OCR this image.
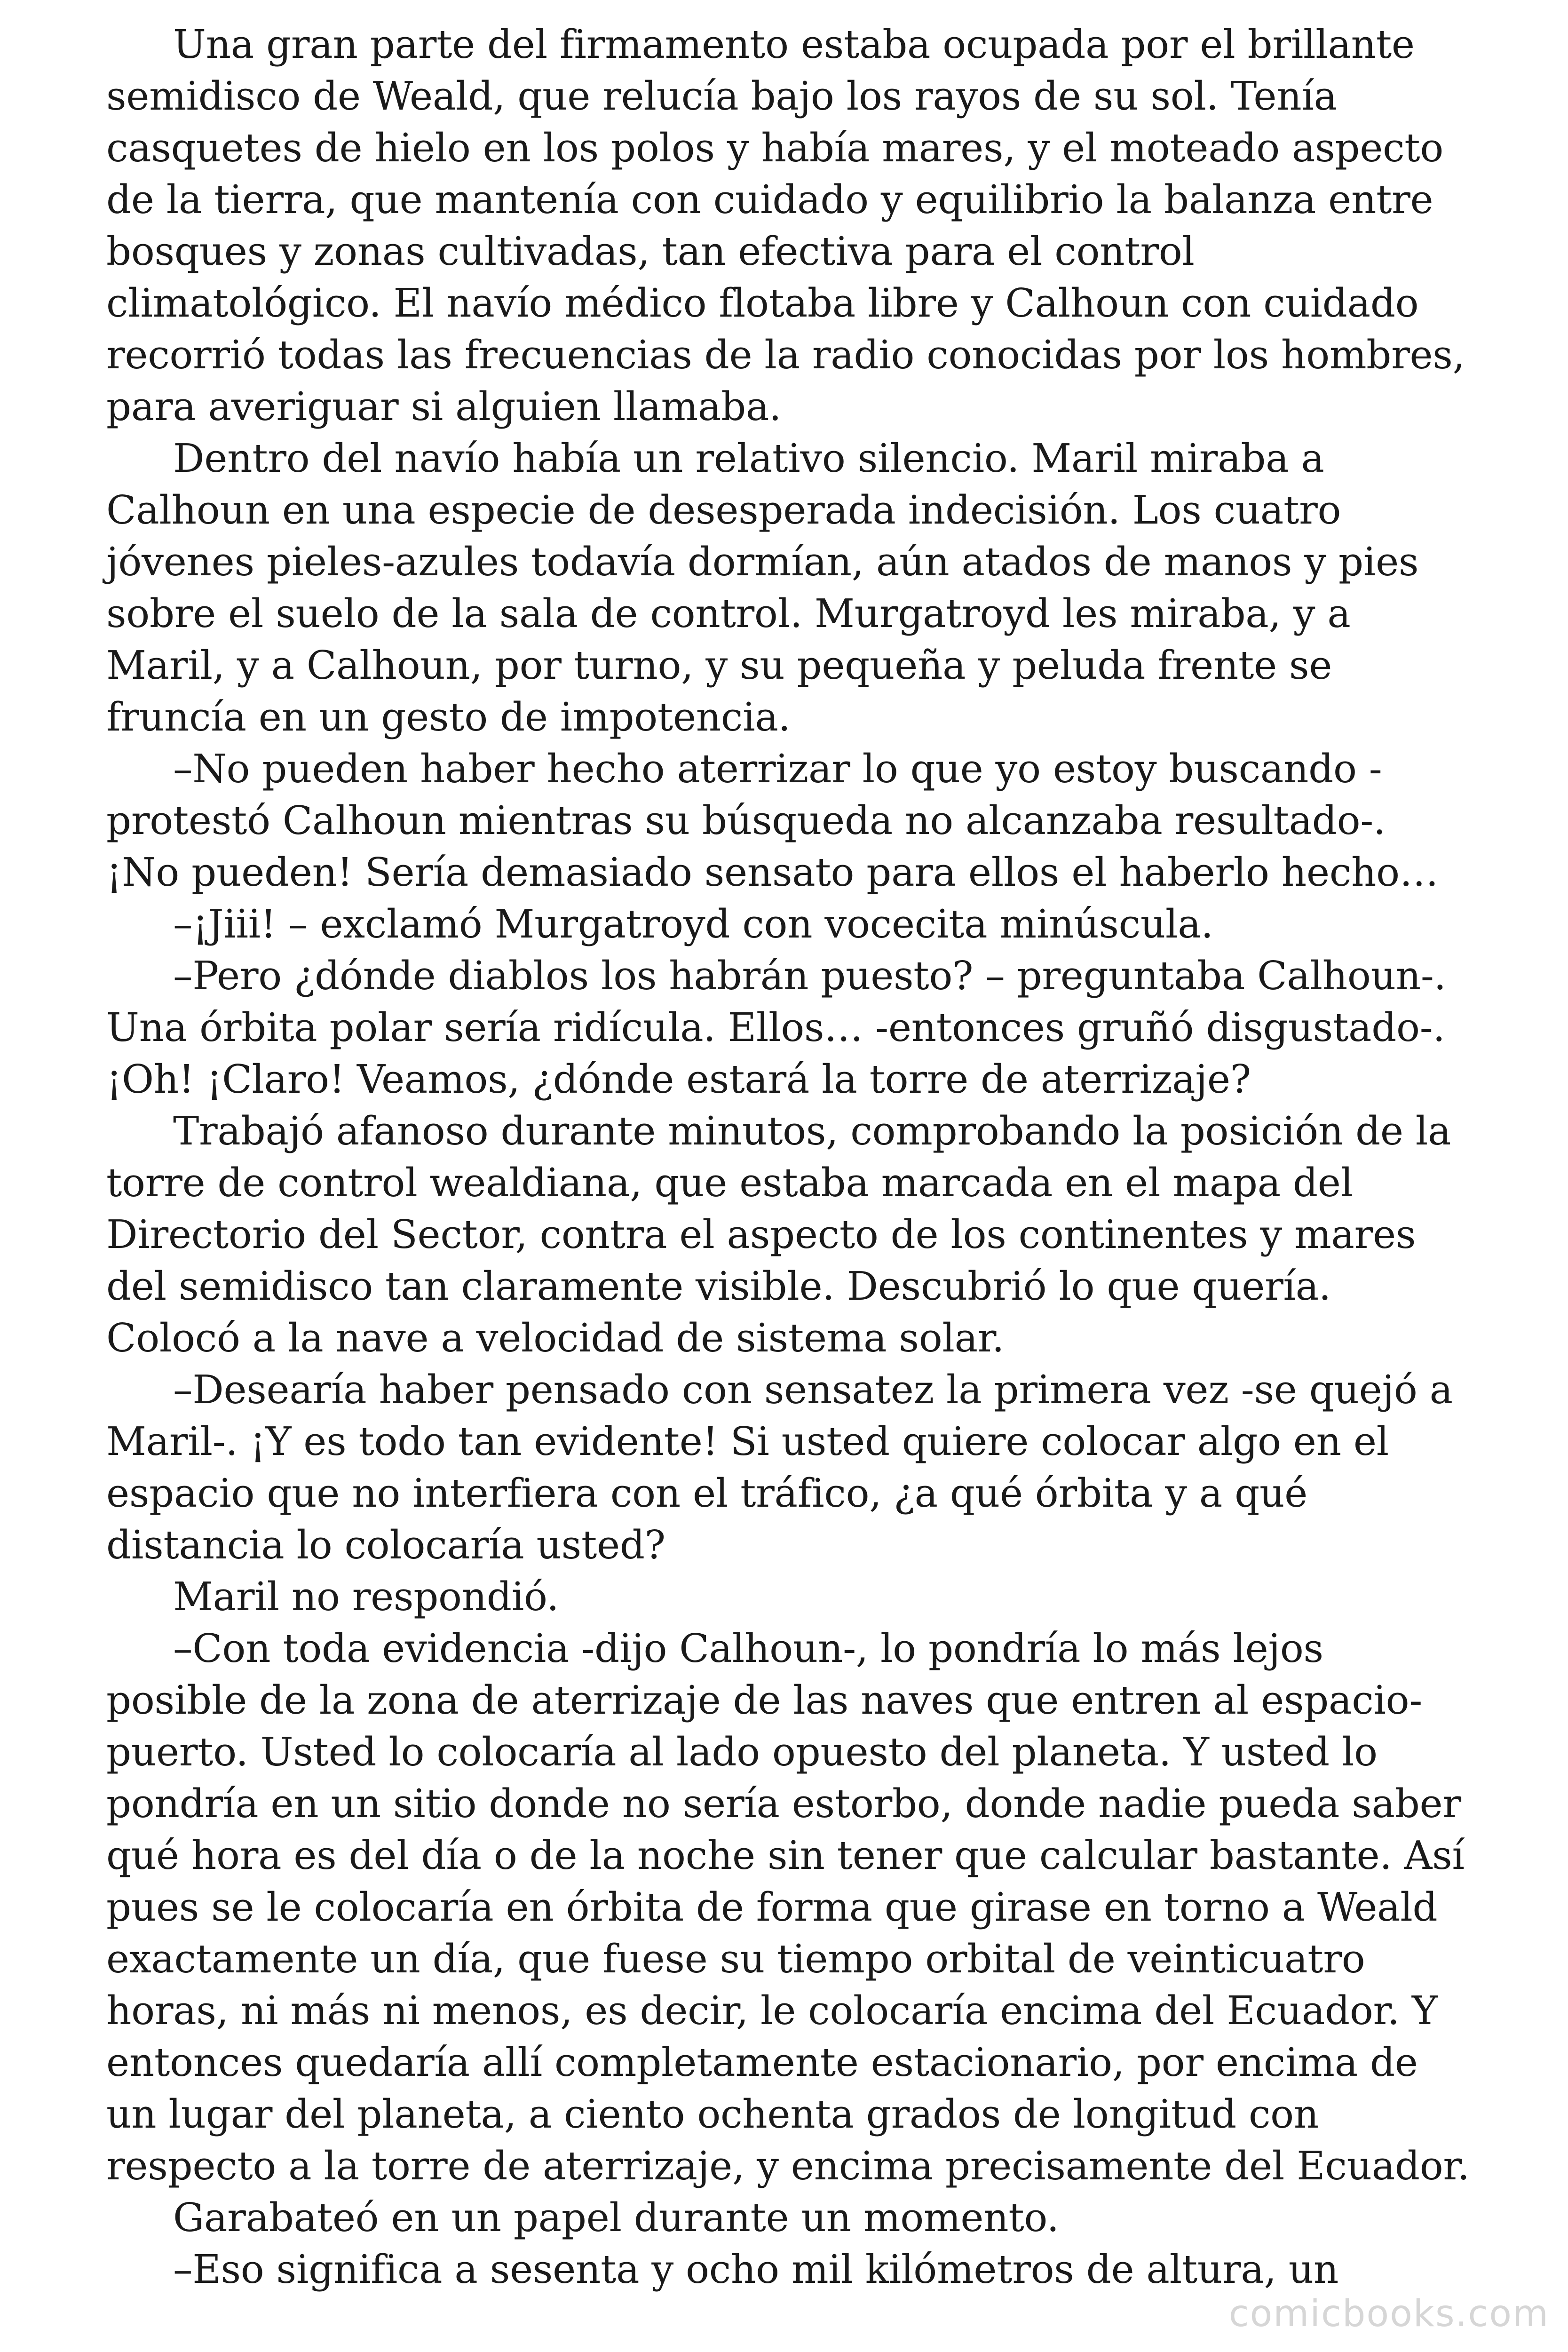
Una gran parte del firmamento estaba ocupada por el brillante semidisco de Weald, que relucía bajo los rayos de su sol. Tenía casquetes de hielo en los polos y había mares, y el moteado aspecto de la tierra, que mantenía con cuidado y equilibrio la balanza entre bosques y zonas cultivadas, tan efectiva para el control climatológico. El navío médico flotaba libre y Calhoun con cuidado recorrió todas las frecuencias de la radio conocidas por los hombres, para averiguar si alguien llamaba.

Dentro del navío había un relativo silencio. Maril miraba a Calhoun en una especie de desesperada indecisión. Los cuatro jóvenes pieles-azules todavía dormían, aún atados de manos y pies sobre el suelo de la sala de control. Murgatroyd les miraba, y a Maril, y a Calhoun, por turno, y su pequeña y peluda frente se fruncía en un gesto de impotencia.

–No pueden haber hecho aterrizar lo que yo estoy buscando -protestó Calhoun mientras su búsqueda no alcanzaba resultado-. ¡No pueden! Sería demasiado sensato para ellos el haberlo hecho…

–¡Jiii! – exclamó Murgatroyd con vocecita minúscula.

–Pero ¿dónde diablos los habrán puesto? – preguntaba Calhoun-. Una órbita polar sería ridícula. Ellos… -entonces gruñó disgustado-. ¡Oh! ¡Claro! Veamos, ¿dónde estará la torre de aterrizaje?

Trabajó afanoso durante minutos, comprobando la posición de la torre de control wealdiana, que estaba marcada en el mapa del Directorio del Sector, contra el aspecto de los continentes y mares del semidisco tan claramente visible. Descubrió lo que quería. Colocó a la nave a velocidad de sistema solar.

–Desearía haber pensado con sensatez la primera vez -se quejó a Maril-. ¡Y es todo tan evidente! Si usted quiere colocar algo en el espacio que no interfiera con el tráfico, ¿a qué órbita y a qué distancia lo colocaría usted?

Maril no respondió.

–Con toda evidencia -dijo Calhoun-, lo pondría lo más lejos posible de la zona de aterrizaje de las naves que entren al espacio-puerto. Usted lo colocaría al lado opuesto del planeta. Y usted lo pondría en un sitio donde no sería estorbo, donde nadie pueda saber qué hora es del día o de la noche sin tener que calcular bastante. Así pues se le colocaría en órbita de forma que girase en torno a Weald exactamente un día, que fuese su tiempo orbital de veinticuatro horas, ni más ni menos, es decir, le colocaría encima del Ecuador. Y entonces quedaría allí completamente estacionario, por encima de un lugar del planeta, a ciento ochenta grados de longitud con respecto a la torre de aterrizaje, y encima precisamente del Ecuador.

Garabateó en un papel durante un momento.

–Eso significa a sesenta y ocho mil kilómetros de altura, un

comicbooks.com
